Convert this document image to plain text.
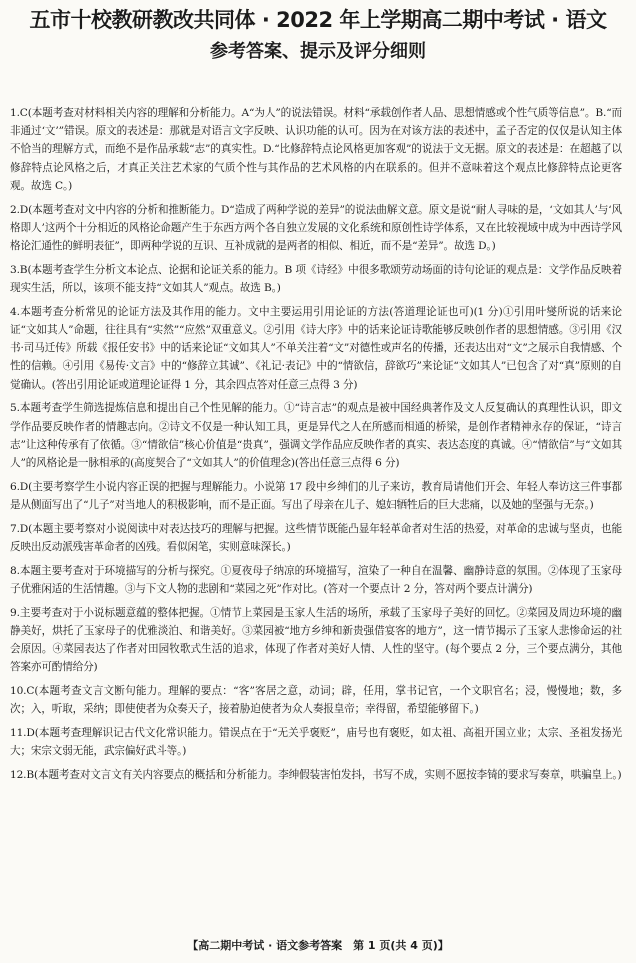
五市十校教研教改共同体 · 2022 年上学期高二期中考试 · 语文
参考答案、提示及评分细则

1.C(本题考查对材料相关内容的理解和分析能力。A“为人”的说法错误。材料“承载创作者人品、思想情感或个性气质等信息”。B.“而非通过‘文’”错误。原文的表述是：那就是对语言文字反映、认识功能的认可。因为在对该方法的表述中，孟子否定的仅仅是认知主体不恰当的理解方式，而绝不是作品承载“志”的真实性。D.“比修辞特点论风格更加客观”的说法于文无据。原文的表述是：在超越了以修辞特点论风格之后，才真正关注艺术家的气质个性与其作品的艺术风格的内在联系的。但并不意味着这个观点比修辞特点论更客观。故选 C。)

2.D(本题考查对文中内容的分析和推断能力。D“造成了两种学说的差异”的说法曲解文意。原文是说“耐人寻味的是，‘文如其人’与‘风格即人’这两个十分相近的风格论命题产生于东西方两个各自独立发展的文化系统和原创性诗学体系，又在比较视域中成为中西诗学风格论汇通性的鲜明表征”，即两种学说的互识、互补成就的是两者的相似、相近，而不是“差异”。故选 D。)

3.B(本题考查学生分析文本论点、论据和论证关系的能力。B 项《诗经》中很多歌颂劳动场面的诗句论证的观点是：文学作品反映着现实生活，所以，该项不能支持“文如其人”观点。故选 B。)

4.本题考查分析常见的论证方法及其作用的能力。文中主要运用引用论证的方法(答道理论证也可)(1 分)①引用叶燮所说的话来论证“文如其人”命题，往往具有“实然”“应然”双重意义。②引用《诗大序》中的话来论证诗歌能够反映创作者的思想情感。③引用《汉书·司马迁传》所载《报任安书》中的话来论证“文如其人”不单关注着“文”对德性或声名的传播，还表达出对“文”之展示自我情感、个性的信赖。④引用《易传·文言》中的“修辞立其诚”、《礼记·表记》中的“情欲信，辞欲巧”来论证“文如其人”已包含了对“真”原则的自觉确认。(答出引用论证或道理论证得 1 分，其余四点答对任意三点得 3 分)

5.本题考查学生筛选提炼信息和提出自己个性见解的能力。①“诗言志”的观点是被中国经典著作及文人反复确认的真理性认识，即文学作品要反映作者的情趣志向。②诗文不仅是一种认知工具，更是异代之人在所感而相通的桥梁，是创作者精神永存的保证，“诗言志”让这种传承有了依循。③“情欲信”核心价值是“贵真”，强调文学作品应反映作者的真实、表达态度的真诚。④“情欲信”与“文如其人”的风格论是一脉相承的(高度契合了“文如其人”的价值理念)(答出任意三点得 6 分)

6.D(主要考察学生小说内容正误的把握与理解能力。小说第 17 段中乡绅们的儿子来访，教育局请他们开会、年轻人奉访这三件事都是从侧面写出了“儿子”对当地人的积极影响，而不是正面。写出了母亲在儿子、媳妇牺牲后的巨大悲痛，以及她的坚强与无奈。)

7.D(本题主要考察对小说阅读中对表达技巧的理解与把握。这些情节既能凸显年轻革命者对生活的热爱，对革命的忠诚与坚贞，也能反映出反动派残害革命者的凶残。看似闲笔，实则意味深长。)

8.本题主要考查对于环境描写的分析与探究。①夏夜母子纳凉的环境描写，渲染了一种自在温馨、幽静诗意的氛围。②体现了玉家母子优雅闲适的生活情趣。③与下文人物的悲剧和“菜园之死”作对比。(答对一个要点计 2 分，答对两个要点计满分)

9.主要考查对于小说标题意蕴的整体把握。①情节上菜园是玉家人生活的场所，承载了玉家母子美好的回忆。②菜园及周边环境的幽静美好，烘托了玉家母子的优雅淡泊、和谐美好。③菜园被“地方乡绅和新贵强借宴客的地方”，这一情节揭示了玉家人悲惨命运的社会原因。④菜园表达了作者对田园牧歌式生活的追求，体现了作者对美好人情、人性的坚守。(每个要点 2 分，三个要点满分，其他答案亦可酌情给分)

10.C(本题考查文言文断句能力。理解的要点：“客”客居之意，动词；辟，任用，掌书记官，一个文职官名；浸，慢慢地；数，多次；入，听取，采纳；即使使者为众奏天子，接着胁迫使者为众人奏报皇帝；幸得留，希望能够留下。)

11.D(本题考查理解识记古代文化常识能力。错误点在于“无关乎褒贬”，庙号也有褒贬，如太祖、高祖开国立业；太宗、圣祖发扬光大；宋宗文弱无能，武宗偏好武斗等。)

12.B(本题考查对文言文有关内容要点的概括和分析能力。李绅假装害怕发抖，书写不成，实则不愿按李锜的要求写奏章，哄骗皇上。)

【高二期中考试 · 语文参考答案　第 1 页(共 4 页)】
